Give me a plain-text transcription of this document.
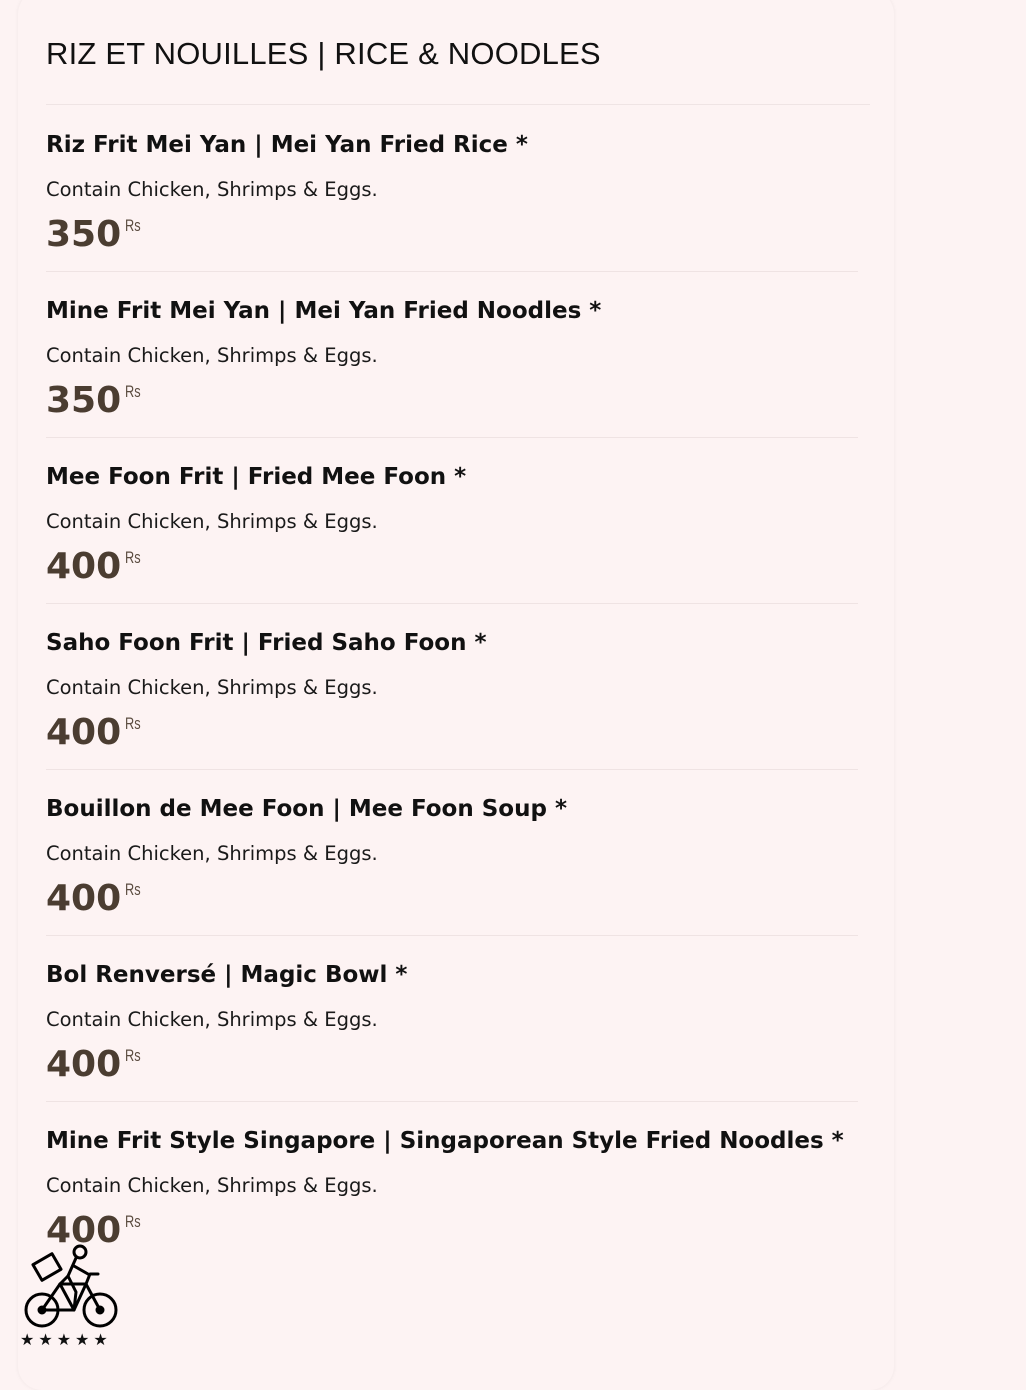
RIZ ET NOUILLES | RICE & NOODLES
Riz Frit Mei Yan | Mei Yan Fried Rice *
Contain Chicken, Shrimps & Eggs.
350 Rs
Mine Frit Mei Yan | Mei Yan Fried Noodles *
Contain Chicken, Shrimps & Eggs.
350 Rs
Mee Foon Frit | Fried Mee Foon *
Contain Chicken, Shrimps & Eggs.
400 Rs
Saho Foon Frit | Fried Saho Foon *
Contain Chicken, Shrimps & Eggs.
400 Rs
Bouillon de Mee Foon | Mee Foon Soup *
Contain Chicken, Shrimps & Eggs.
400 Rs
Bol Renversé | Magic Bowl *
Contain Chicken, Shrimps & Eggs.
400 Rs
Mine Frit Style Singapore | Singaporean Style Fried Noodles *
Contain Chicken, Shrimps & Eggs.
400 Rs
★★★★★
